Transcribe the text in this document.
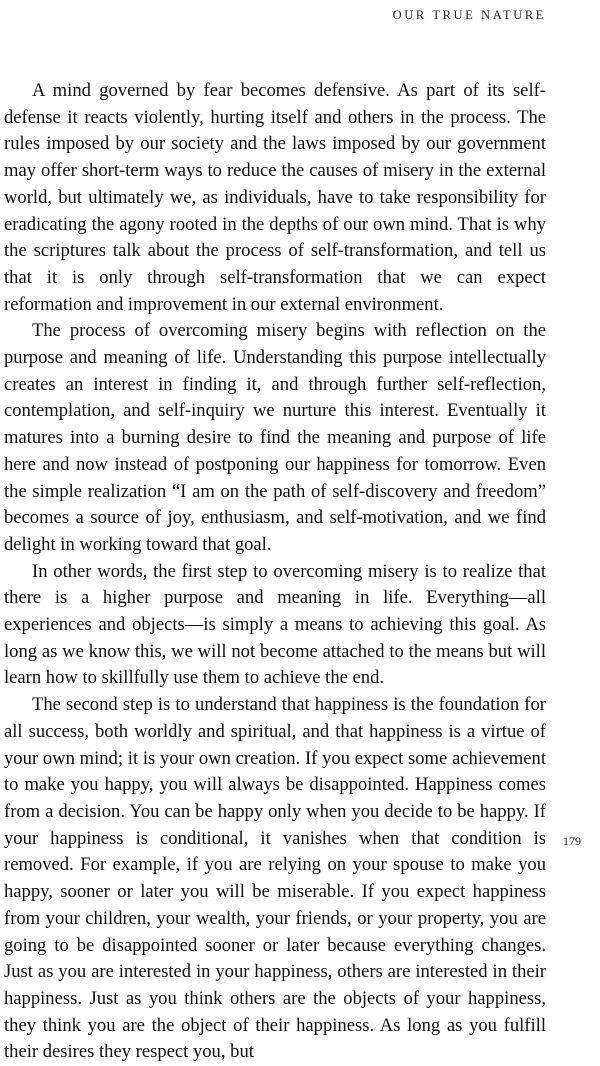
OUR TRUE NATURE

A mind governed by fear becomes defensive. As part of its self-defense it reacts violently, hurting itself and others in the process. The rules imposed by our society and the laws imposed by our government may offer short-term ways to reduce the causes of misery in the external world, but ultimately we, as individuals, have to take responsibility for eradicating the agony rooted in the depths of our own mind. That is why the scriptures talk about the process of self-transformation, and tell us that it is only through self-transformation that we can expect reformation and improvement in our external environment.

The process of overcoming misery begins with reflection on the purpose and meaning of life. Understanding this purpose intellectually creates an interest in finding it, and through further self-reflection, contemplation, and self-inquiry we nurture this interest. Eventually it matures into a burning desire to find the meaning and purpose of life here and now instead of postponing our happiness for tomorrow. Even the simple realization “I am on the path of self-discovery and freedom” becomes a source of joy, enthusiasm, and self-motivation, and we find delight in working toward that goal.

In other words, the first step to overcoming misery is to realize that there is a higher purpose and meaning in life. Everything—all experiences and objects—is simply a means to achieving this goal. As long as we know this, we will not become attached to the means but will learn how to skillfully use them to achieve the end.

The second step is to understand that happiness is the foundation for all success, both worldly and spiritual, and that happiness is a virtue of your own mind; it is your own creation. If you expect some achievement to make you happy, you will always be disappointed. Happiness comes from a decision. You can be happy only when you decide to be happy. If your happiness is conditional, it vanishes when that condition is removed. For example, if you are relying on your spouse to make you happy, sooner or later you will be miserable. If you expect happiness from your children, your wealth, your friends, or your property, you are going to be disappointed sooner or later because everything changes. Just as you are interested in your happiness, others are interested in their happiness. Just as you think others are the objects of your happiness, they think you are the object of their happiness. As long as you fulfill their desires they respect you, but

179
